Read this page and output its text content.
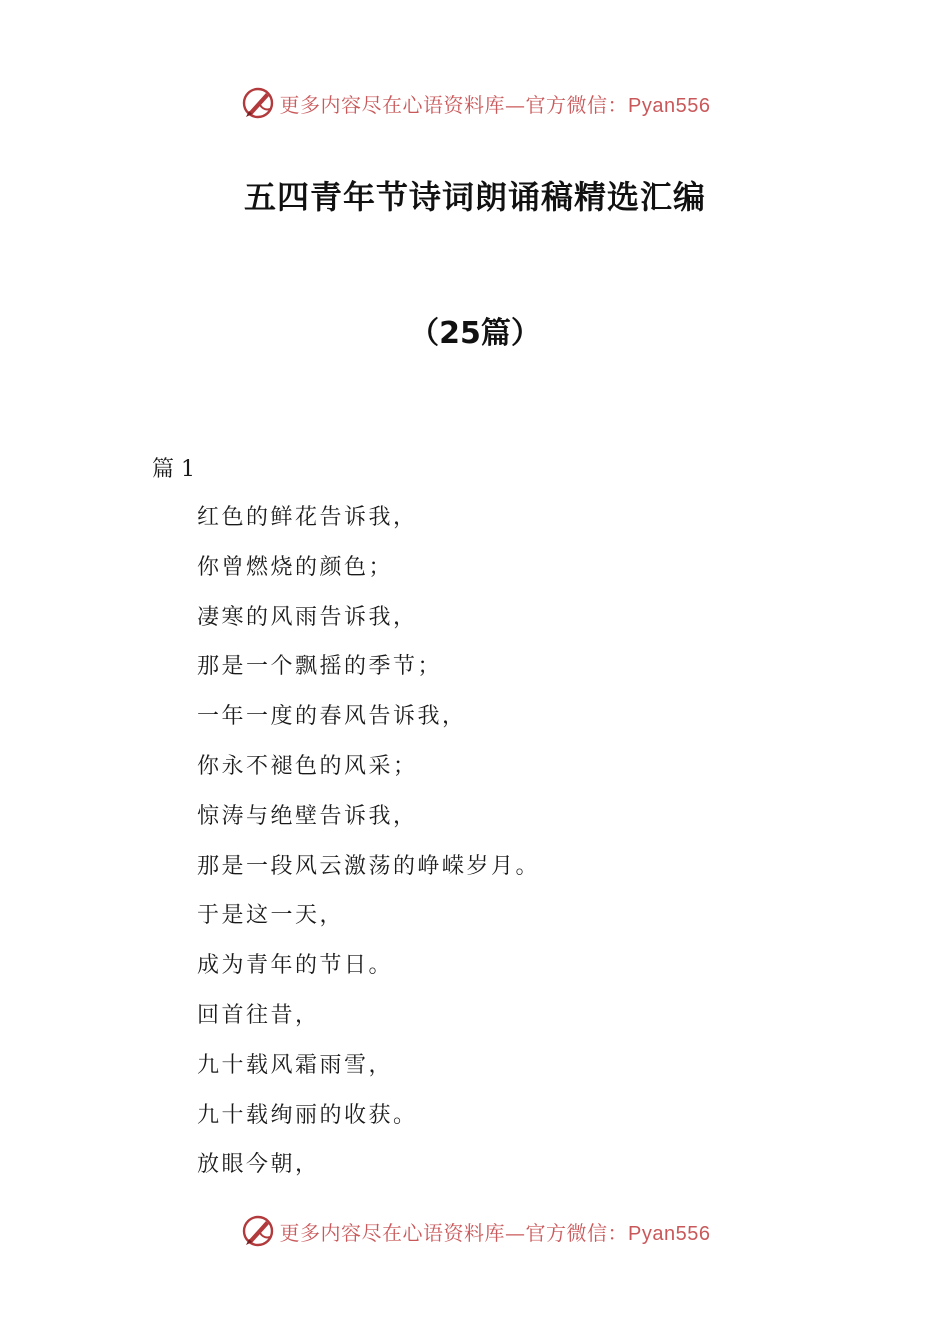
更多内容尽在心语资料库—官方微信：Pyan556
五四青年节诗词朗诵稿精选汇编
（25篇）

篇 1

红色的鲜花告诉我，
你曾燃烧的颜色；
凄寒的风雨告诉我，
那是一个飘摇的季节；
一年一度的春风告诉我，
你永不褪色的风采；
惊涛与绝壁告诉我，
那是一段风云激荡的峥嵘岁月。
于是这一天，
成为青年的节日。
回首往昔，
九十载风霜雨雪，
九十载绚丽的收获。
放眼今朝，
更多内容尽在心语资料库—官方微信：Pyan556
